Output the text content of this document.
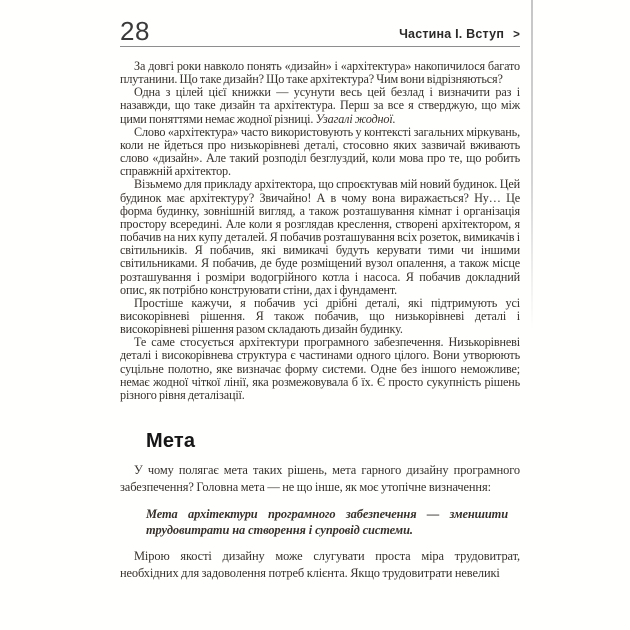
28	Частина І. Вступ >

За довгі роки навколо понять «дизайн» і «архітектура» накопичилося багато плутанини. Що таке дизайн? Що таке архітектура? Чим вони відрізняються?

Одна з цілей цієї книжки — усунути весь цей безлад і визначити раз і назавжди, що таке дизайн та архітектура. Перш за все я стверджую, що між цими поняттями немає жодної різниці. Узагалі жодної.

Слово «архітектура» часто використовують у контексті загальних міркувань, коли не йдеться про низькорівневі деталі, стосовно яких зазвичай вживають слово «дизайн». Але такий розподіл безглуздий, коли мова про те, що робить справжній архітектор.

Візьмемо для прикладу архітектора, що спроєктував мій новий будинок. Цей будинок має архітектуру? Звичайно! А в чому вона виражається? Ну… Це форма будинку, зовнішній вигляд, а також розташування кімнат і організація простору всередині. Але коли я розглядав креслення, створені архітектором, я побачив на них купу деталей. Я побачив розташування всіх розеток, вимикачів і світильників. Я побачив, які вимикачі будуть керувати тими чи іншими світильниками. Я побачив, де буде розміщений вузол опалення, а також місце розташування і розміри водогрійного котла і насоса. Я побачив докладний опис, як потрібно конструювати стіни, дах і фундамент.

Простіше кажучи, я побачив усі дрібні деталі, які підтримують усі високорівневі рішення. Я також побачив, що низькорівневі деталі і високорівневі рішення разом складають дизайн будинку.

Те саме стосується архітектури програмного забезпечення. Низькорівневі деталі і високорівнева структура є частинами одного цілого. Вони утворюють суцільне полотно, яке визначає форму системи. Одне без іншого неможливе; немає жодної чіткої лінії, яка розмежовувала б їх. Є просто сукупність рішень різного рівня деталізації.

Мета

У чому полягає мета таких рішень, мета гарного дизайну програмного забезпечення? Головна мета — не що інше, як моє утопічне визначення:

Мета архітектури програмного забезпечення — зменшити трудовитрати на створення і супровід системи.

Мірою якості дизайну може слугувати проста міра трудовитрат, необхідних для задоволення потреб клієнта. Якщо трудовитрати невеликі
